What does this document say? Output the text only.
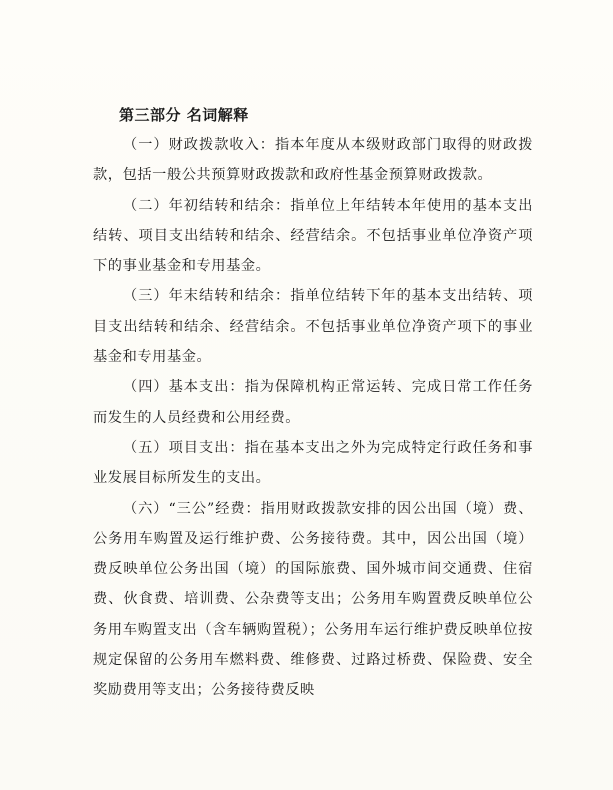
第三部分 名词解释

（一）财政拨款收入：指本年度从本级财政部门取得的财政拨款，包括一般公共预算财政拨款和政府性基金预算财政拨款。

（二）年初结转和结余：指单位上年结转本年使用的基本支出结转、项目支出结转和结余、经营结余。不包括事业单位净资产项下的事业基金和专用基金。

（三）年末结转和结余：指单位结转下年的基本支出结转、项目支出结转和结余、经营结余。不包括事业单位净资产项下的事业基金和专用基金。

（四）基本支出：指为保障机构正常运转、完成日常工作任务而发生的人员经费和公用经费。

（五）项目支出：指在基本支出之外为完成特定行政任务和事业发展目标所发生的支出。

（六）“三公”经费：指用财政拨款安排的因公出国（境）费、公务用车购置及运行维护费、公务接待费。其中，因公出国（境）费反映单位公务出国（境）的国际旅费、国外城市间交通费、住宿费、伙食费、培训费、公杂费等支出；公务用车购置费反映单位公务用车购置支出（含车辆购置税）；公务用车运行维护费反映单位按规定保留的公务用车燃料费、维修费、过路过桥费、保险费、安全奖励费用等支出；公务接待费反映
